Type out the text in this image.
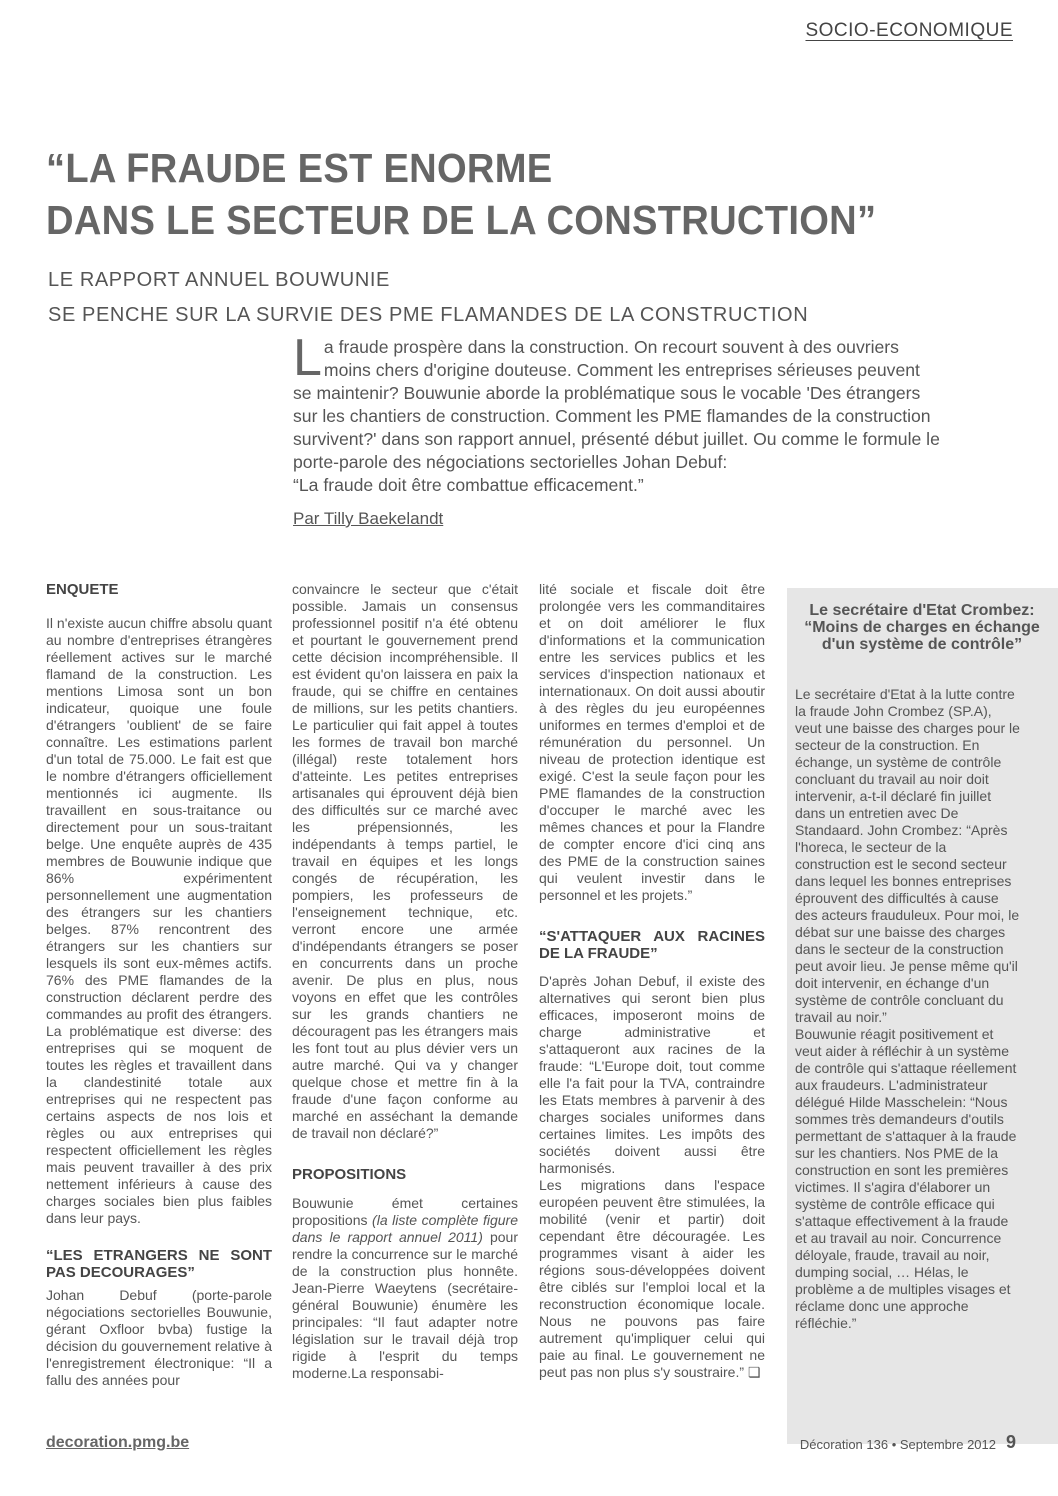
SOCIO-ECONOMIQUE
“LA FRAUDE EST ENORME
DANS LE SECTEUR DE LA CONSTRUCTION”
LE RAPPORT ANNUEL BOUWUNIE
SE PENCHE SUR LA SURVIE DES PME FLAMANDES DE LA CONSTRUCTION
La fraude prospère dans la construction. On recourt souvent à des ouvriers moins chers d'origine douteuse. Comment les entreprises sérieuses peuvent se maintenir? Bouwunie aborde la problématique sous le vocable 'Des étrangers sur les chantiers de construction. Comment les PME flamandes de la construction survivent?' dans son rapport annuel, présenté début juillet. Ou comme le formule le porte-parole des négociations sectorielles Johan Debuf:
“La fraude doit être combattue efficacement.”
Par Tilly Baekelandt

ENQUETE

Il n'existe aucun chiffre absolu quant au nombre d'entreprises étrangères réellement actives sur le marché flamand de la construction. Les mentions Limosa sont un bon indicateur, quoique une foule d'étrangers 'oublient' de se faire connaître. Les estimations parlent d'un total de 75.000. Le fait est que le nombre d'étrangers officiellement mentionnés ici augmente. Ils travaillent en sous-traitance ou directement pour un sous-traitant belge. Une enquête auprès de 435 membres de Bouwunie indique que 86% expérimentent personnellement une augmentation des étrangers sur les chantiers belges. 87% rencontrent des étrangers sur les chantiers sur lesquels ils sont eux-mêmes actifs. 76% des PME flamandes de la construction déclarent perdre des commandes au profit des étrangers. La problématique est diverse: des entreprises qui se moquent de toutes les règles et travaillent dans la clandestinité totale aux entreprises qui ne respectent pas certains aspects de nos lois et règles ou aux entreprises qui respectent officiellement les règles mais peuvent travailler à des prix nettement inférieurs à cause des charges sociales bien plus faibles dans leur pays.

“LES ETRANGERS NE SONT PAS DECOURAGES”

Johan Debuf (porte-parole négociations sectorielles Bouwunie, gérant Oxfloor bvba) fustige la décision du gouvernement relative à l'enregistrement électronique: “Il a fallu des années pour

convaincre le secteur que c'était possible. Jamais un consensus professionnel positif n'a été obtenu et pourtant le gouvernement prend cette décision incompréhensible. Il est évident qu'on laissera en paix la fraude, qui se chiffre en centaines de millions, sur les petits chantiers. Le particulier qui fait appel à toutes les formes de travail bon marché (illégal) reste totalement hors d'atteinte. Les petites entreprises artisanales qui éprouvent déjà bien des difficultés sur ce marché avec les prépensionnés, les indépendants à temps partiel, le travail en équipes et les longs congés de récupération, les pompiers, les professeurs de l'enseignement technique, etc. verront encore une armée d'indépendants étrangers se poser en concurrents dans un proche avenir. De plus en plus, nous voyons en effet que les contrôles sur les grands chantiers ne découragent pas les étrangers mais les font tout au plus dévier vers un autre marché. Qui va y changer quelque chose et mettre fin à la fraude d'une façon conforme au marché en asséchant la demande de travail non déclaré?”

PROPOSITIONS

Bouwunie émet certaines propositions (la liste complète figure dans le rapport annuel 2011) pour rendre la concurrence sur le marché de la construction plus honnête. Jean-Pierre Waeytens (secrétaire-général Bouwunie) énumère les principales: “Il faut adapter notre législation sur le travail déjà trop rigide à l'esprit du temps moderne.La responsabi-

lité sociale et fiscale doit être prolongée vers les commanditaires et on doit améliorer le flux d'informations et la communication entre les services publics et les services d'inspection nationaux et internationaux. On doit aussi aboutir à des règles du jeu européennes uniformes en termes d'emploi et de rémunération du personnel. Un niveau de protection identique est exigé. C'est la seule façon pour les PME flamandes de la construction d'occuper le marché avec les mêmes chances et pour la Flandre de compter encore d'ici cinq ans des PME de la construction saines qui veulent investir dans le personnel et les projets.”

“S'ATTAQUER AUX RACINES DE LA FRAUDE”

D'après Johan Debuf, il existe des alternatives qui seront bien plus efficaces, imposeront moins de charge administrative et s'attaqueront aux racines de la fraude: “L'Europe doit, tout comme elle l'a fait pour la TVA, contraindre les Etats membres à parvenir à des charges sociales uniformes dans certaines limites. Les impôts des sociétés doivent aussi être harmonisés.

Les migrations dans l'espace européen peuvent être stimulées, la mobilité (venir et partir) doit cependant être découragée. Les programmes visant à aider les régions sous-développées doivent être ciblés sur l'emploi local et la reconstruction économique locale. Nous ne pouvons pas faire autrement qu'impliquer celui qui paie au final. Le gouvernement ne peut pas non plus s'y soustraire.” ❏

Le secrétaire d'Etat Crombez: “Moins de charges en échange d'un système de contrôle”
Le secrétaire d'Etat à la lutte contre la fraude John Crombez (SP.A), veut une baisse des charges pour le secteur de la construction. En échange, un système de contrôle concluant du travail au noir doit intervenir, a-t-il déclaré fin juillet dans un entretien avec De Standaard. John Crombez: “Après l'horeca, le secteur de la construction est le second secteur dans lequel les bonnes entreprises éprouvent des difficultés à cause des acteurs frauduleux. Pour moi, le débat sur une baisse des charges dans le secteur de la construction peut avoir lieu. Je pense même qu'il doit intervenir, en échange d'un système de contrôle concluant du travail au noir.”
Bouwunie réagit positivement et veut aider à réfléchir à un système de contrôle qui s'attaque réellement aux fraudeurs. L'administrateur délégué Hilde Masschelein: “Nous sommes très demandeurs d'outils permettant de s'attaquer à la fraude sur les chantiers. Nos PME de la construction en sont les premières victimes. Il s'agira d'élaborer un système de contrôle efficace qui s'attaque effectivement à la fraude et au travail au noir. Concurrence déloyale, fraude, travail au noir, dumping social, … Hélas, le problème a de multiples visages et réclame donc une approche réfléchie.”
decoration.pmg.be	Décoration 136 • Septembre 2012 9
